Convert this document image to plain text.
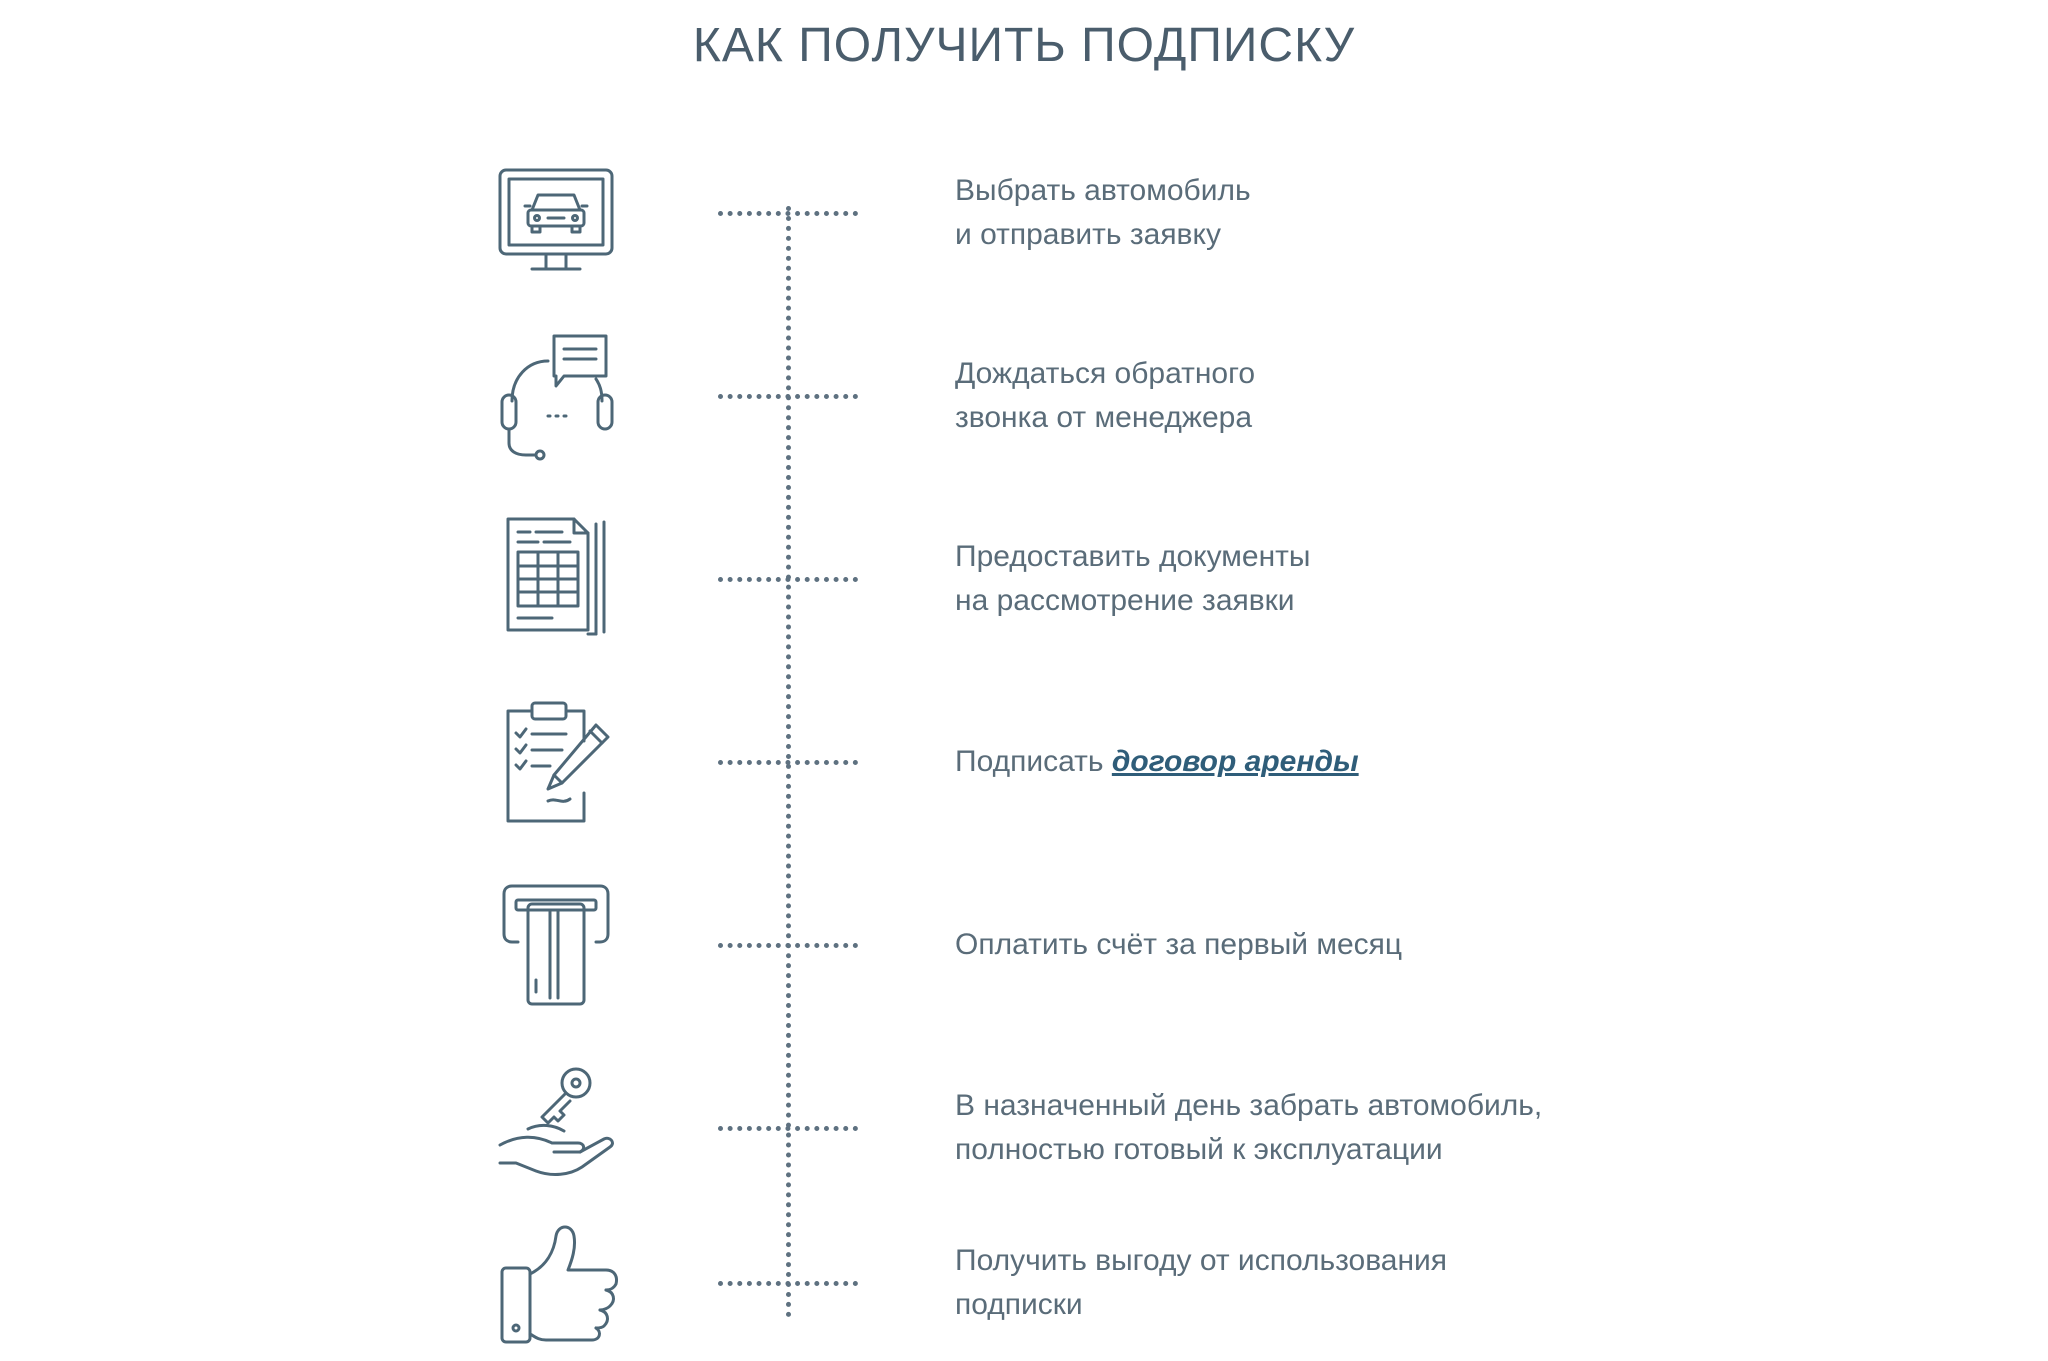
КАК ПОЛУЧИТЬ ПОДПИСКУ
Выбрать автомобиль
и отправить заявку
Дождаться обратного
звонка от менеджера
Предоставить документы
на рассмотрение заявки
Подписать договор аренды
Оплатить счёт за первый месяц
В назначенный день забрать автомобиль,
полностью готовый к эксплуатации
Получить выгоду от использования
подписки
